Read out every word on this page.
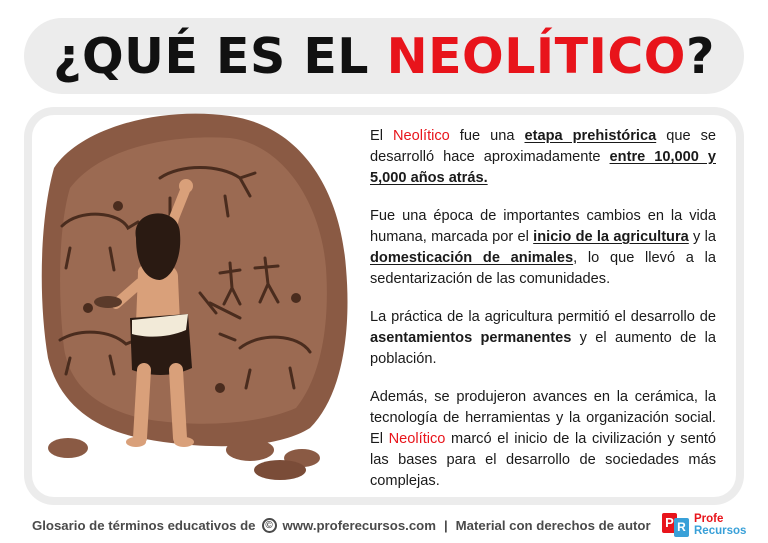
¿QUÉ ES EL NEOLÍTICO?

El Neolítico fue una etapa prehistórica que se desarrolló hace aproximadamente entre 10,000 y 5,000 años atrás.

Fue una época de importantes cambios en la vida humana, marcada por el inicio de la agricultura y la domesticación de animales, lo que llevó a la sedentarización de las comunidades.

La práctica de la agricultura permitió el desarrollo de asentamientos permanentes y el aumento de la población.

Además, se produjeron avances en la cerámica, la tecnología de herramientas y la organización social. El Neolítico marcó el inicio de la civilización y sentó las bases para el desarrollo de sociedades más complejas.

Glosario de términos educativos de © www.proferecursos.com | Material con derechos de autor P R
Profe
Recursos
